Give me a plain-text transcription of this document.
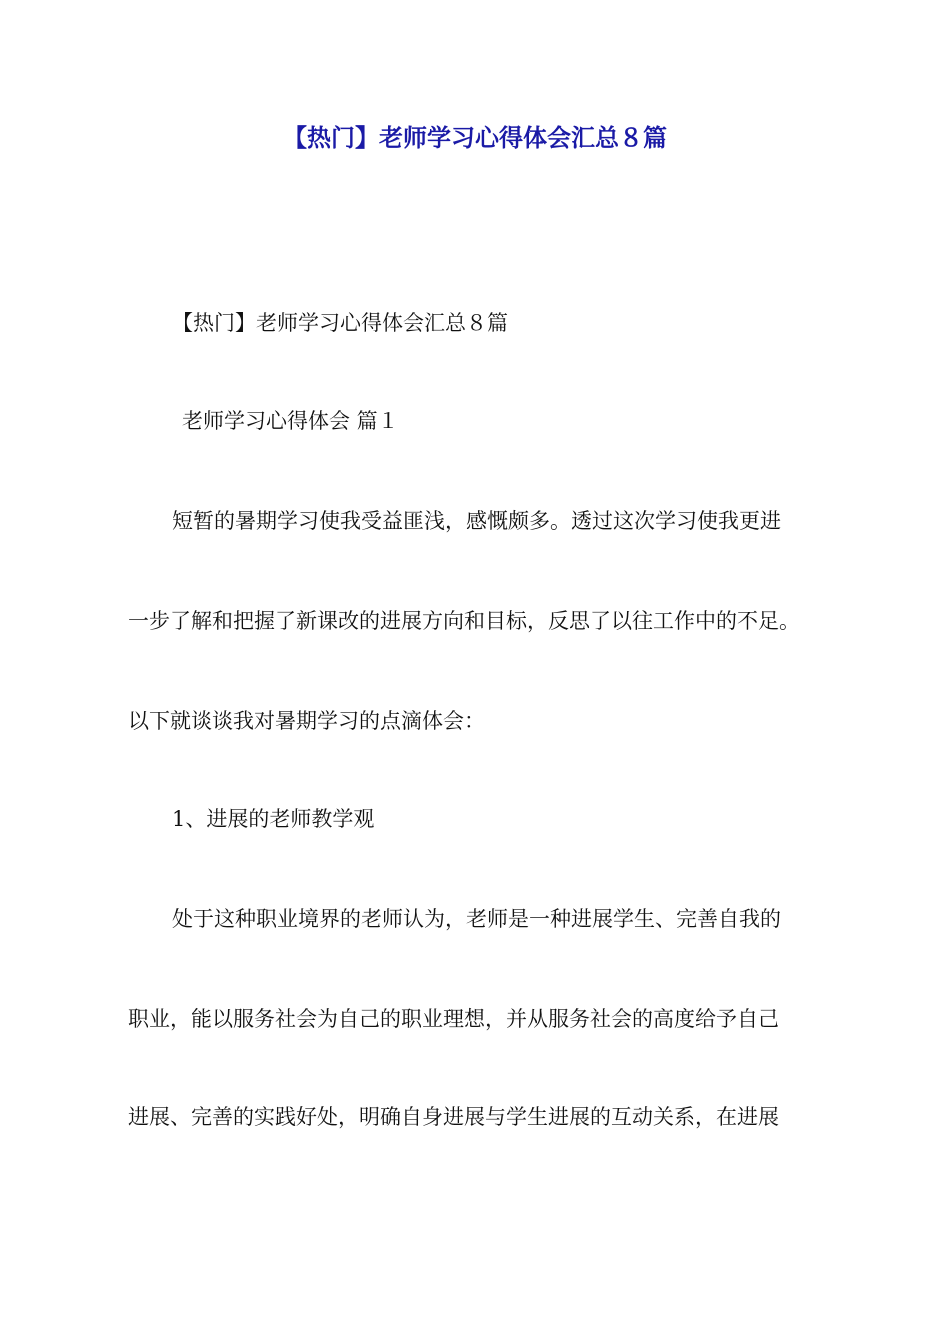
【热门】老师学习心得体会汇总８篇

【热门】老师学习心得体会汇总８篇

老师学习心得体会 篇１

短暂的暑期学习使我受益匪浅，感慨颇多。透过这次学习使我更进

一步了解和把握了新课改的进展方向和目标，反思了以往工作中的不足。

以下就谈谈我对暑期学习的点滴体会：

1、进展的老师教学观

处于这种职业境界的老师认为，老师是一种进展学生、完善自我的

职业，能以服务社会为自己的职业理想，并从服务社会的高度给予自己

进展、完善的实践好处，明确自身进展与学生进展的互动关系，在进展
